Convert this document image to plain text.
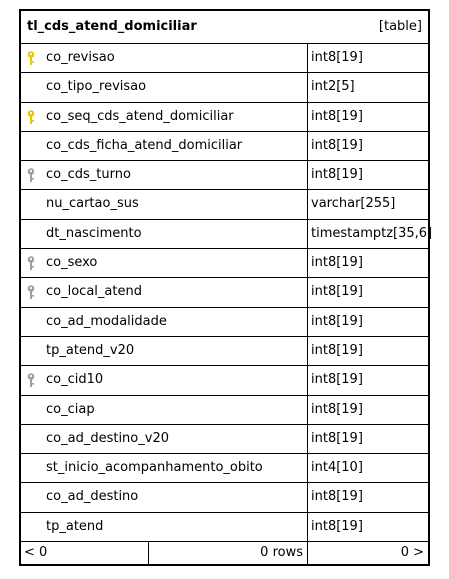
tl_cds_atend_domiciliar	[table]
co_revisao	int8[19]
co_tipo_revisao	int2[5]
co_seq_cds_atend_domiciliar	int8[19]
co_cds_ficha_atend_domiciliar	int8[19]
co_cds_turno	int8[19]
nu_cartao_sus	varchar[255]
dt_nascimento	timestamptz[35,6]
co_sexo	int8[19]
co_local_atend	int8[19]
co_ad_modalidade	int8[19]
tp_atend_v20	int8[19]
co_cid10	int8[19]
co_ciap	int8[19]
co_ad_destino_v20	int8[19]
st_inicio_acompanhamento_obito	int4[10]
co_ad_destino	int8[19]
tp_atend	int8[19]
< 0	0 rows	0 >
